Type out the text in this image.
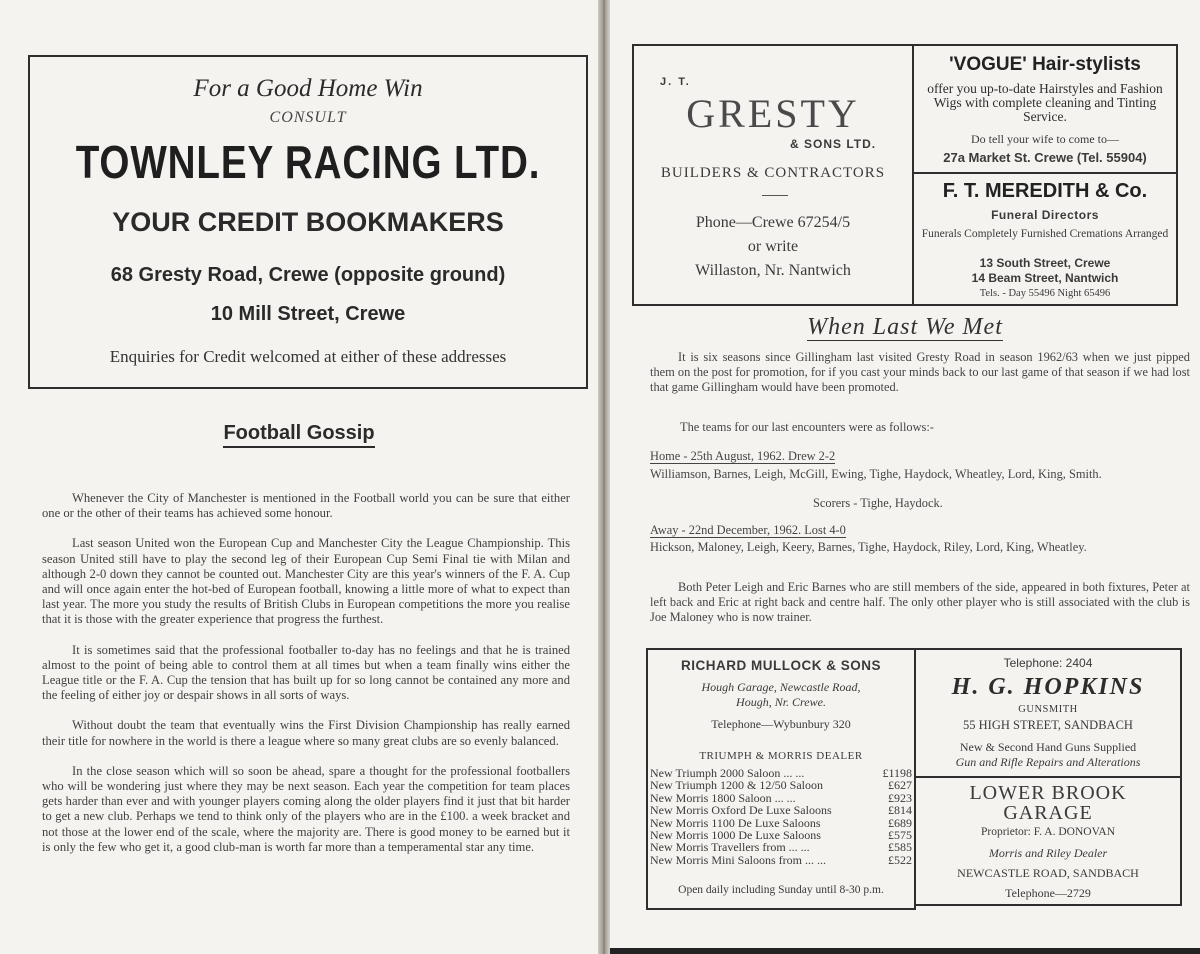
For a Good Home Win
CONSULT
TOWNLEY RACING LTD.
YOUR CREDIT BOOKMAKERS
68 Gresty Road, Crewe (opposite ground)
10 Mill Street, Crewe
Enquiries for Credit welcomed at either of these addresses
Football Gossip

Whenever the City of Manchester is mentioned in the Football world you can be sure that either one or the other of their teams has achieved some honour.

Last season United won the European Cup and Manchester City the League Championship. This season United still have to play the second leg of their European Cup Semi Final tie with Milan and although 2-0 down they cannot be counted out. Manchester City are this year's winners of the F. A. Cup and will once again enter the hot-bed of European football, knowing a little more of what to expect than last year. The more you study the results of British Clubs in European competitions the more you realise that it is those with the greater experience that progress the furthest.

It is sometimes said that the professional footballer to-day has no feelings and that he is trained almost to the point of being able to control them at all times but when a team finally wins either the League title or the F. A. Cup the tension that has built up for so long cannot be contained any more and the feeling of either joy or despair shows in all sorts of ways.

Without doubt the team that eventually wins the First Division Championship has really earned their title for nowhere in the world is there a league where so many great clubs are so evenly balanced.

In the close season which will so soon be ahead, spare a thought for the professional footballers who will be wondering just where they may be next season. Each year the competition for team places gets harder than ever and with younger players coming along the older players find it just that bit harder to get a new club. Perhaps we tend to think only of the players who are in the £100. a week bracket and not those at the lower end of the scale, where the majority are. There is good money to be earned but it is only the few who get it, a good club-man is worth far more than a temperamental star any time.

J. T.
GRESTY
& SONS LTD.
BUILDERS & CONTRACTORS
Phone—Crewe 67254/5
or write
Willaston, Nr. Nantwich
'VOGUE' Hair-stylists
offer you up-to-date Hairstyles and Fashion Wigs with complete cleaning and Tinting Service.
Do tell your wife to come to—
27a Market St. Crewe (Tel. 55904)
F. T. MEREDITH & Co.
Funeral Directors
Funerals Completely Furnished Cremations Arranged
13 South Street, Crewe
14 Beam Street, Nantwich
Tels. - Day 55496 Night 65496
When Last We Met
It is six seasons since Gillingham last visited Gresty Road in season 1962/63 when we just pipped them on the post for promotion, for if you cast your minds back to our last game of that season if we had lost that game Gillingham would have been promoted.
The teams for our last encounters were as follows:-
Home - 25th August, 1962. Drew 2-2
Williamson, Barnes, Leigh, McGill, Ewing, Tighe, Haydock, Wheatley, Lord, King, Smith.
Scorers - Tighe, Haydock.
Away - 22nd December, 1962. Lost 4-0
Hickson, Maloney, Leigh, Keery, Barnes, Tighe, Haydock, Riley, Lord, King, Wheatley.
Both Peter Leigh and Eric Barnes who are still members of the side, appeared in both fixtures, Peter at left back and Eric at right back and centre half. The only other player who is still associated with the club is Joe Maloney who is now trainer.
RICHARD MULLOCK & SONS
Hough Garage, Newcastle Road,
Hough, Nr. Crewe.
Telephone—Wybunbury 320
TRIUMPH & MORRIS DEALER
New Triumph 2000 Saloon ... ...	£1198
New Triumph 1200 & 12/50 Saloon	£627
New Morris 1800 Saloon ... ...	£923
New Morris Oxford De Luxe Saloons	£814
New Morris 1100 De Luxe Saloons	£689
New Morris 1000 De Luxe Saloons	£575
New Morris Travellers from ... ...	£585
New Morris Mini Saloons from ... ...	£522
Open daily including Sunday until 8-30 p.m.
Telephone: 2404
H. G. HOPKINS
GUNSMITH
55 HIGH STREET, SANDBACH
New & Second Hand Guns Supplied
Gun and Rifle Repairs and Alterations
LOWER BROOK
GARAGE
Proprietor: F. A. DONOVAN
Morris and Riley Dealer
NEWCASTLE ROAD, SANDBACH
Telephone—2729
